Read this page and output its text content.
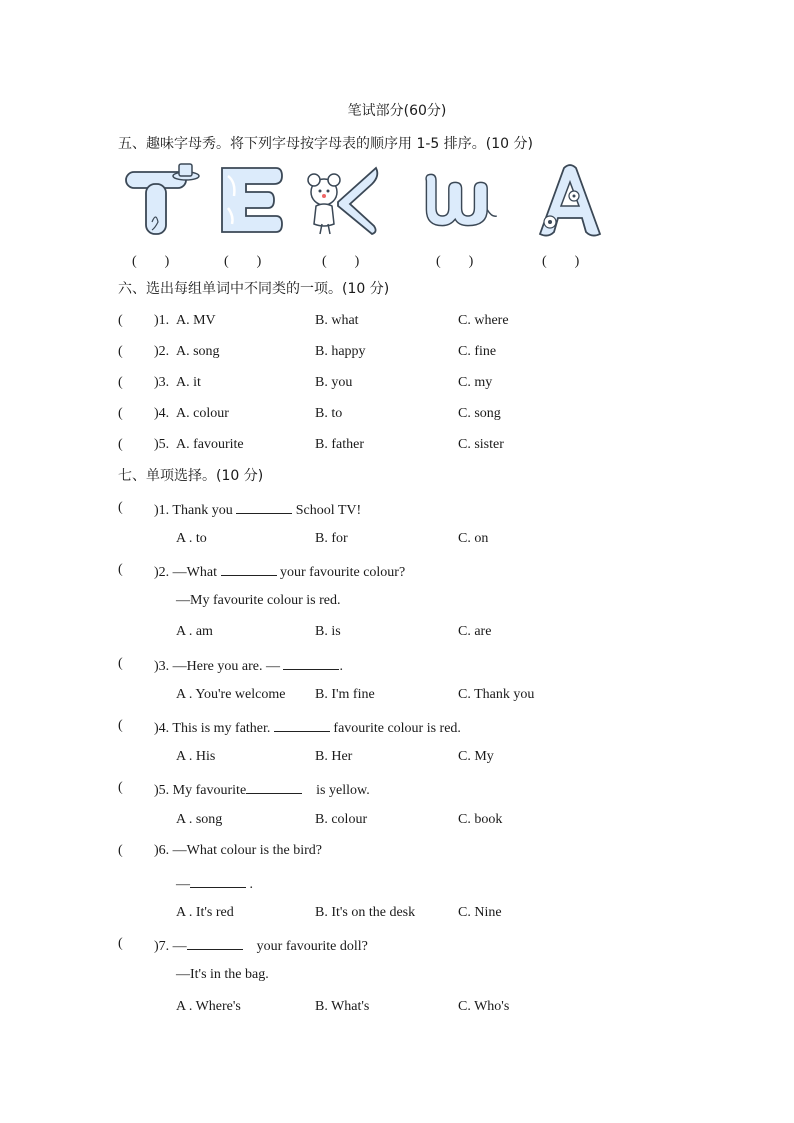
笔试部分(60分)
五、趣味字母秀。将下列字母按字母表的顺序用 1-5 排序。(10 分)
(　　)	(　　)	(　　)	(　　)	(　　)
六、选出每组单词中不同类的一项。(10 分)
( )1. A. MV	B. what	C. where
( )2. A. song	B. happy	C. fine
( )3. A. it	B. you	C. my
( )4. A. colour	B. to	C. song
( )5. A. favourite	B. father	C. sister
七、单项选择。(10 分)
( )1. Thank you	School TV!
A . to	B. for	C. on
( )2. —What	your favourite colour?
—My favourite colour is red.
A . am	B. is	C. are
( )3. —Here you are. —	.
A . You're welcome B. I'm fine	C. Thank you
( )4. This is my father.	favourite colour is red.
A . His	B. Her	C. My
( )5. My favourite	is yellow.
A . song	B. colour	C. book
( )6. —What colour is the bird?
—	.
A . It's red	B. It's on the desk	C. Nine
( )7. —	your favourite doll?
—It's in the bag.
A . Where's	B. What's	C. Who's
